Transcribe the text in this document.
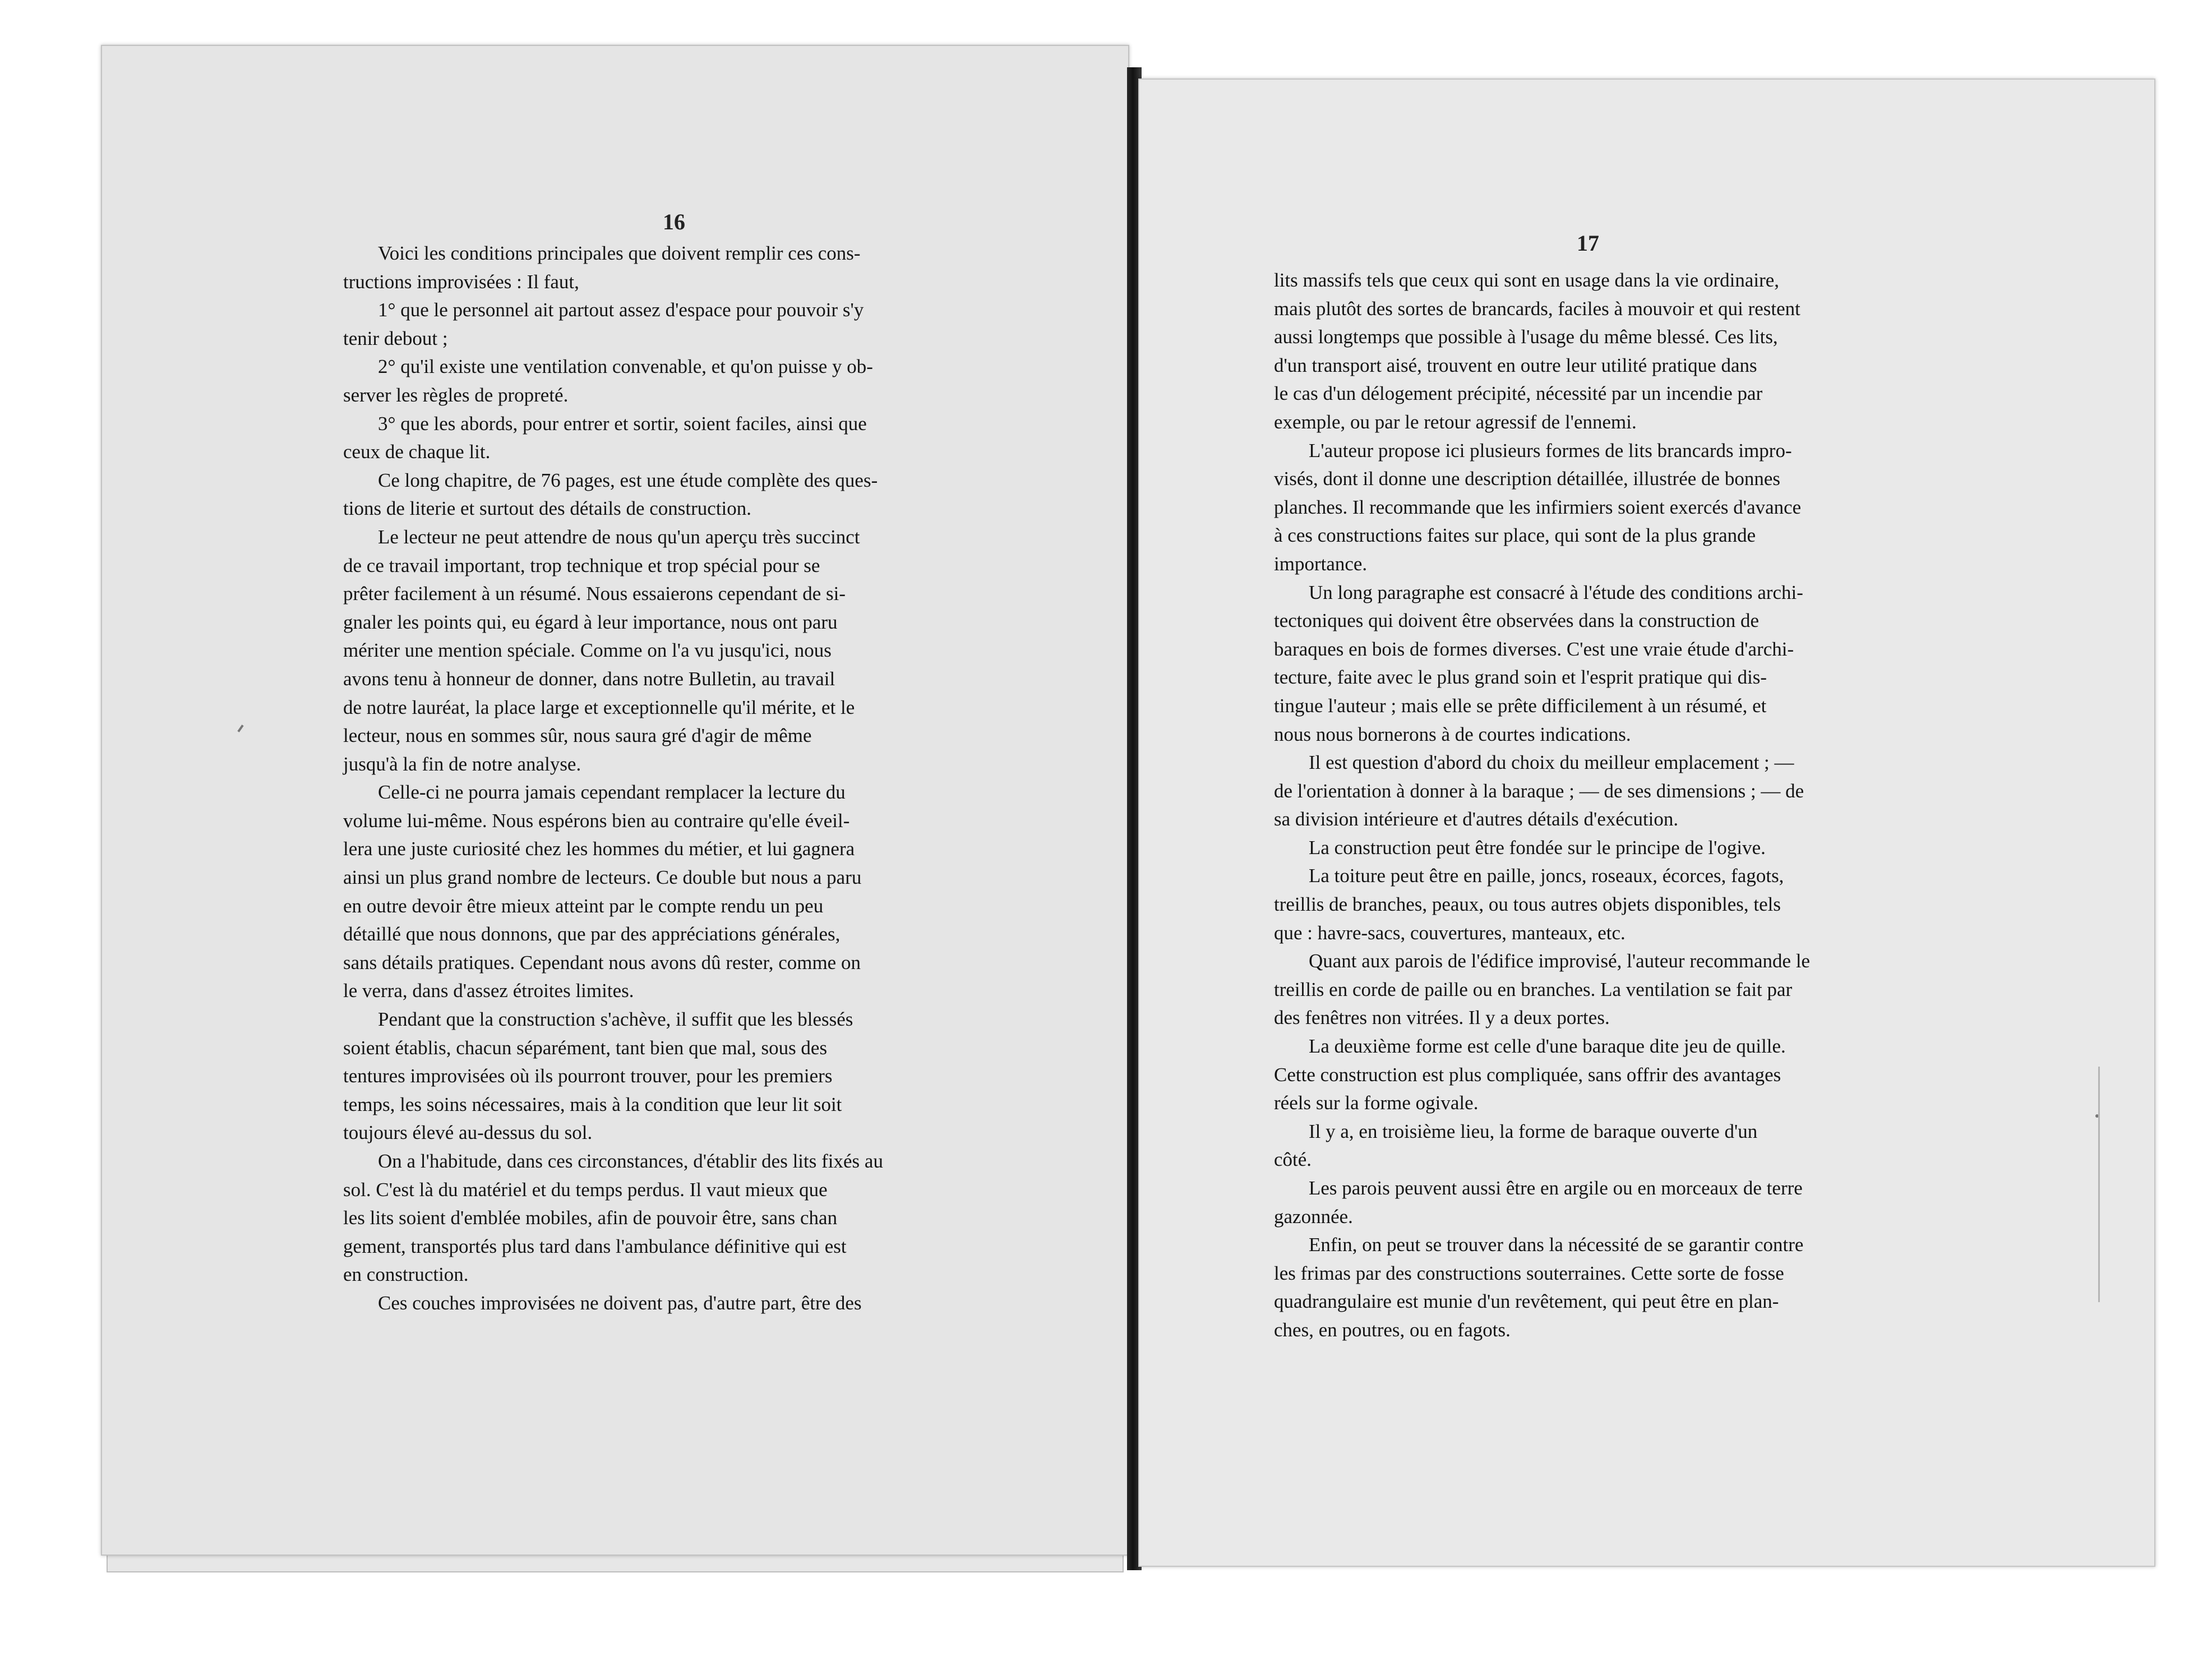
16
Voici les conditions principales que doivent remplir ces cons-
tructions improvisées : Il faut,
1° que le personnel ait partout assez d'espace pour pouvoir s'y
tenir debout ;
2° qu'il existe une ventilation convenable, et qu'on puisse y ob-
server les règles de propreté.
3° que les abords, pour entrer et sortir, soient faciles, ainsi que
ceux de chaque lit.
Ce long chapitre, de 76 pages, est une étude complète des ques-
tions de literie et surtout des détails de construction.
Le lecteur ne peut attendre de nous qu'un aperçu très succinct
de ce travail important, trop technique et trop spécial pour se
prêter facilement à un résumé. Nous essaierons cependant de si-
gnaler les points qui, eu égard à leur importance, nous ont paru
mériter une mention spéciale. Comme on l'a vu jusqu'ici, nous
avons tenu à honneur de donner, dans notre Bulletin, au travail
de notre lauréat, la place large et exceptionnelle qu'il mérite, et le
lecteur, nous en sommes sûr, nous saura gré d'agir de même
jusqu'à la fin de notre analyse.
Celle-ci ne pourra jamais cependant remplacer la lecture du
volume lui-même. Nous espérons bien au contraire qu'elle éveil-
lera une juste curiosité chez les hommes du métier, et lui gagnera
ainsi un plus grand nombre de lecteurs. Ce double but nous a paru
en outre devoir être mieux atteint par le compte rendu un peu
détaillé que nous donnons, que par des appréciations générales,
sans détails pratiques. Cependant nous avons dû rester, comme on
le verra, dans d'assez étroites limites.
Pendant que la construction s'achève, il suffit que les blessés
soient établis, chacun séparément, tant bien que mal, sous des
tentures improvisées où ils pourront trouver, pour les premiers
temps, les soins nécessaires, mais à la condition que leur lit soit
toujours élevé au-dessus du sol.
On a l'habitude, dans ces circonstances, d'établir des lits fixés au
sol. C'est là du matériel et du temps perdus. Il vaut mieux que
les lits soient d'emblée mobiles, afin de pouvoir être, sans chan
gement, transportés plus tard dans l'ambulance définitive qui est
en construction.
Ces couches improvisées ne doivent pas, d'autre part, être des
17
lits massifs tels que ceux qui sont en usage dans la vie ordinaire,
mais plutôt des sortes de brancards, faciles à mouvoir et qui restent
aussi longtemps que possible à l'usage du même blessé. Ces lits,
d'un transport aisé, trouvent en outre leur utilité pratique dans
le cas d'un délogement précipité, nécessité par un incendie par
exemple, ou par le retour agressif de l'ennemi.
L'auteur propose ici plusieurs formes de lits brancards impro-
visés, dont il donne une description détaillée, illustrée de bonnes
planches. Il recommande que les infirmiers soient exercés d'avance
à ces constructions faites sur place, qui sont de la plus grande
importance.
Un long paragraphe est consacré à l'étude des conditions archi-
tectoniques qui doivent être observées dans la construction de
baraques en bois de formes diverses. C'est une vraie étude d'archi-
tecture, faite avec le plus grand soin et l'esprit pratique qui dis-
tingue l'auteur ; mais elle se prête difficilement à un résumé, et
nous nous bornerons à de courtes indications.
Il est question d'abord du choix du meilleur emplacement ; —
de l'orientation à donner à la baraque ; — de ses dimensions ; — de
sa division intérieure et d'autres détails d'exécution.
La construction peut être fondée sur le principe de l'ogive.
La toiture peut être en paille, joncs, roseaux, écorces, fagots,
treillis de branches, peaux, ou tous autres objets disponibles, tels
que : havre-sacs, couvertures, manteaux, etc.
Quant aux parois de l'édifice improvisé, l'auteur recommande le
treillis en corde de paille ou en branches. La ventilation se fait par
des fenêtres non vitrées. Il y a deux portes.
La deuxième forme est celle d'une baraque dite jeu de quille.
Cette construction est plus compliquée, sans offrir des avantages
réels sur la forme ogivale.
Il y a, en troisième lieu, la forme de baraque ouverte d'un
côté.
Les parois peuvent aussi être en argile ou en morceaux de terre
gazonnée.
Enfin, on peut se trouver dans la nécessité de se garantir contre
les frimas par des constructions souterraines. Cette sorte de fosse
quadrangulaire est munie d'un revêtement, qui peut être en plan-
ches, en poutres, ou en fagots.
